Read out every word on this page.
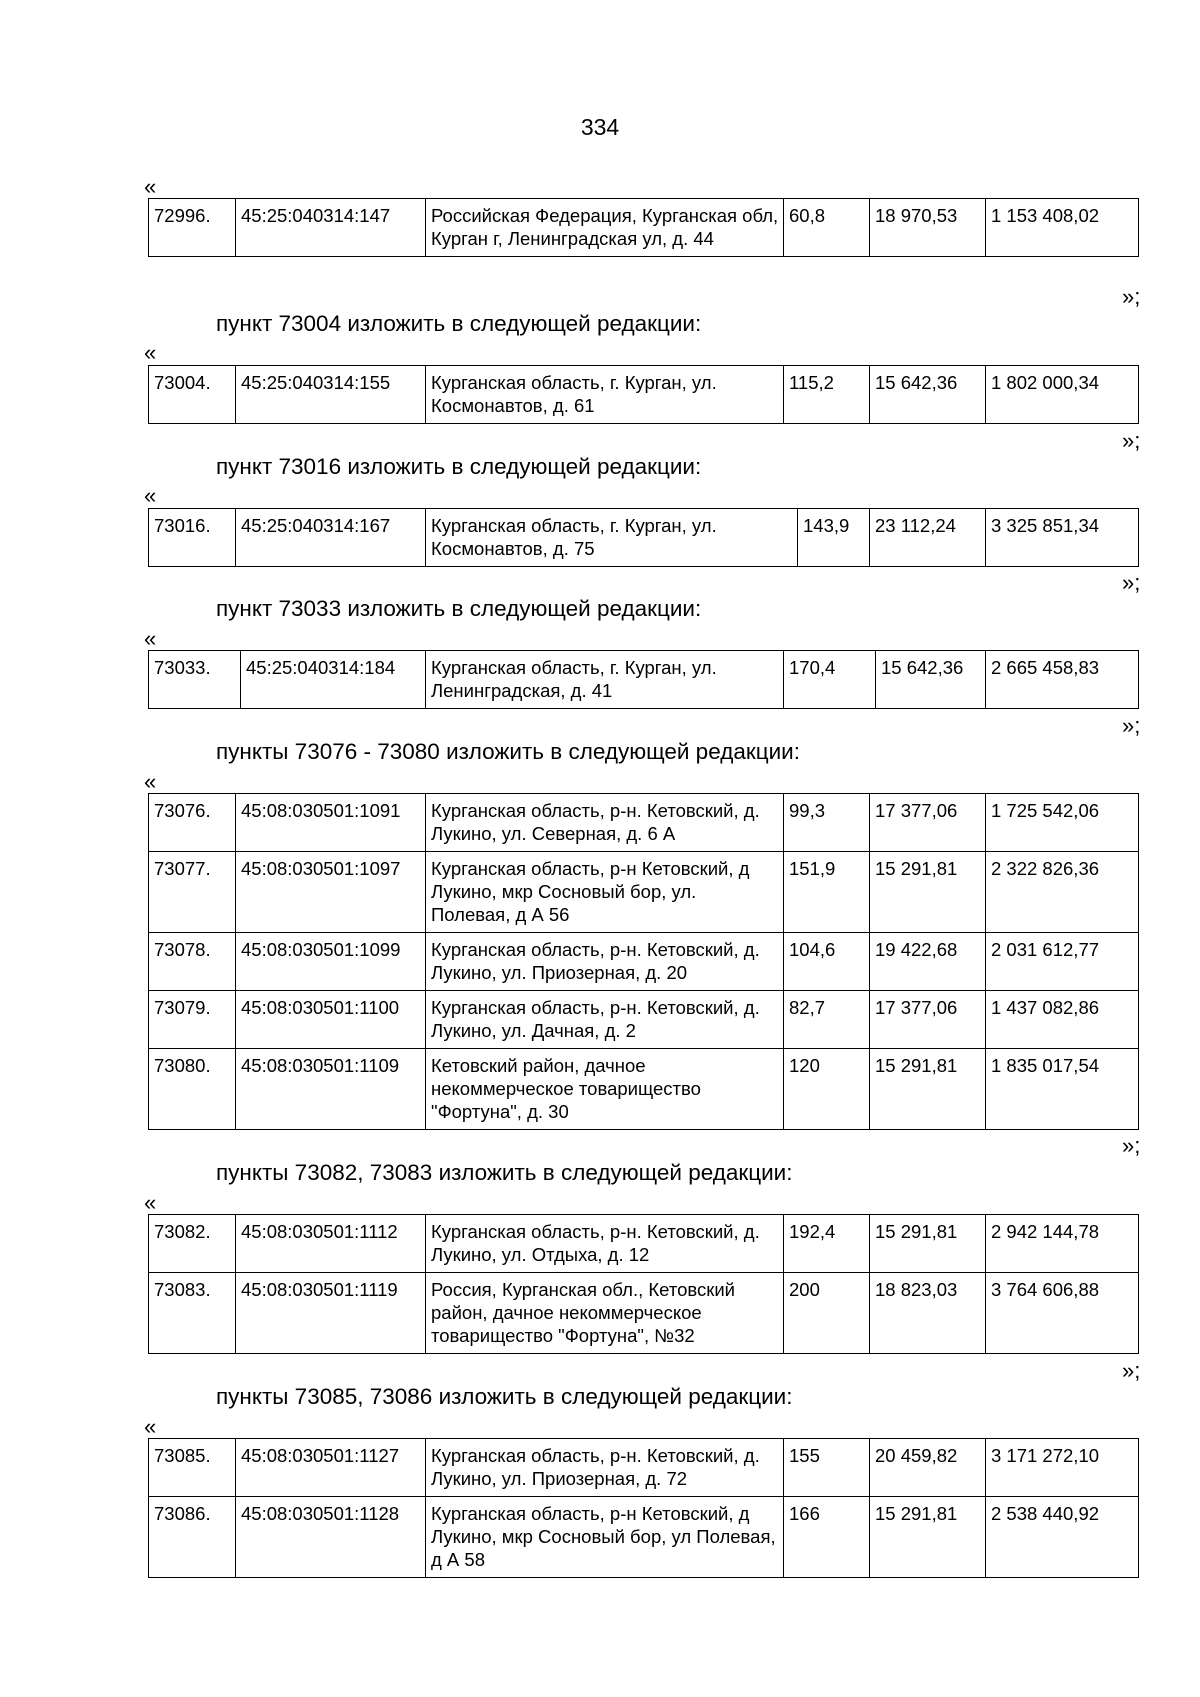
334
«
72996.	45:25:040314:147	Российская Федерация, Курганская обл, Курган г, Ленинградская ул, д. 44	60,8	18 970,53	1 153 408,02
»;
пункт 73004 изложить в следующей редакции:
«
73004.	45:25:040314:155	Курганская область, г. Курган, ул. Космонавтов, д. 61	115,2	15 642,36	1 802 000,34
»;
пункт 73016 изложить в следующей редакции:
«
73016.	45:25:040314:167	Курганская область, г. Курган, ул. Космонавтов, д. 75	143,9	23 112,24	3 325 851,34
»;
пункт 73033 изложить в следующей редакции:
«
73033.	45:25:040314:184	Курганская область, г. Курган, ул. Ленинградская, д. 41	170,4	15 642,36	2 665 458,83
»;
пункты 73076 - 73080 изложить в следующей редакции:
«
73076.	45:08:030501:1091	Курганская область, р-н. Кетовский, д. Лукино, ул. Северная, д. 6 А	99,3	17 377,06	1 725 542,06
73077.	45:08:030501:1097	Курганская область, р-н Кетовский, д Лукино, мкр Сосновый бор, ул. Полевая, д А 56	151,9	15 291,81	2 322 826,36
73078.	45:08:030501:1099	Курганская область, р-н. Кетовский, д. Лукино, ул. Приозерная, д. 20	104,6	19 422,68	2 031 612,77
73079.	45:08:030501:1100	Курганская область, р-н. Кетовский, д. Лукино, ул. Дачная, д. 2	82,7	17 377,06	1 437 082,86
73080.	45:08:030501:1109	Кетовский район, дачное некоммерческое товарищество "Фортуна", д. 30	120	15 291,81	1 835 017,54
»;
пункты 73082, 73083 изложить в следующей редакции:
«
73082.	45:08:030501:1112	Курганская область, р-н. Кетовский, д. Лукино, ул. Отдыха, д. 12	192,4	15 291,81	2 942 144,78
73083.	45:08:030501:1119	Россия, Курганская обл., Кетовский район, дачное некоммерческое товарищество "Фортуна", №32	200	18 823,03	3 764 606,88
»;
пункты 73085, 73086 изложить в следующей редакции:
«
73085.	45:08:030501:1127	Курганская область, р-н. Кетовский, д. Лукино, ул. Приозерная, д. 72	155	20 459,82	3 171 272,10
73086.	45:08:030501:1128	Курганская область, р-н Кетовский, д Лукино, мкр Сосновый бор, ул Полевая, д А 58	166	15 291,81	2 538 440,92
